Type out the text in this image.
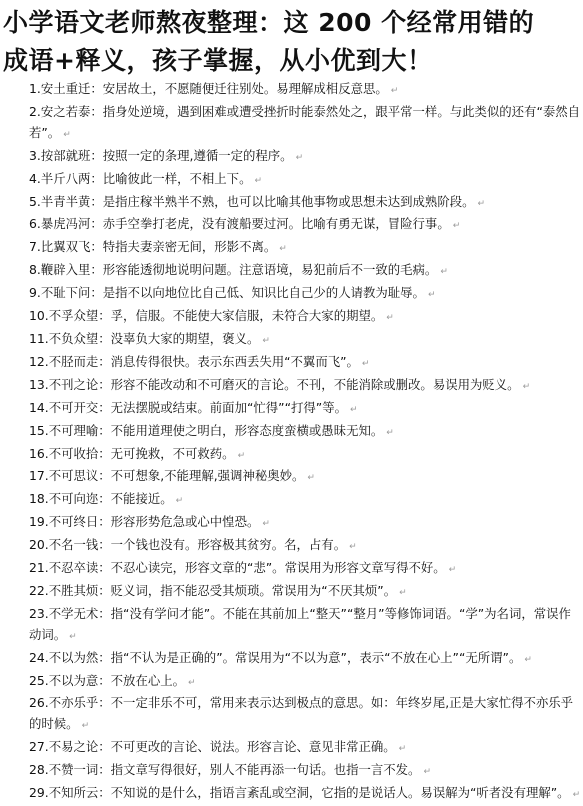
小学语文老师熬夜整理：这 200 个经常用错的
成语+释义，孩子掌握，从小优到大！

1.安土重迁：安居故土，不愿随便迁往别处。易理解成相反意思。 ↵

2.安之若泰：指身处逆境，遇到困难或遭受挫折时能泰然处之，跟平常一样。与此类似的还有“泰然自若”。 ↵

3.按部就班：按照一定的条理,遵循一定的程序。 ↵

4.半斤八两：比喻彼此一样，不相上下。 ↵

5.半青半黄：是指庄稼半熟半不熟，也可以比喻其他事物或思想未达到成熟阶段。 ↵

6.暴虎冯河：赤手空拳打老虎，没有渡船要过河。比喻有勇无谋，冒险行事。 ↵

7.比翼双飞：特指夫妻亲密无间，形影不离。 ↵

8.鞭辟入里：形容能透彻地说明问题。注意语境，易犯前后不一致的毛病。 ↵

9.不耻下问：是指不以向地位比自己低、知识比自己少的人请教为耻辱。 ↵

10.不孚众望：孚，信服。不能使大家信服，未符合大家的期望。 ↵

11.不负众望：没辜负大家的期望，褒义。 ↵

12.不胫而走：消息传得很快。表示东西丢失用“不翼而飞”。 ↵

13.不刊之论：形容不能改动和不可磨灭的言论。不刊，不能消除或删改。易误用为贬义。 ↵

14.不可开交：无法摆脱或结束。前面加“忙得”“打得”等。 ↵

15.不可理喻：不能用道理使之明白，形容态度蛮横或愚昧无知。 ↵

16.不可收拾：无可挽救，不可救药。 ↵

17.不可思议：不可想象,不能理解,强调神秘奥妙。 ↵

18.不可向迩：不能接近。 ↵

19.不可终日：形容形势危急或心中惶恐。 ↵

20.不名一钱：一个钱也没有。形容极其贫穷。名，占有。 ↵

21.不忍卒读：不忍心读完，形容文章的“悲”。常误用为形容文章写得不好。 ↵

22.不胜其烦：贬义词，指不能忍受其烦琐。常误用为“不厌其烦”。 ↵

23.不学无术：指“没有学问才能”。不能在其前加上“整天”“整月”等修饰词语。“学”为名词，常误作动词。 ↵

24.不以为然：指“不认为是正确的”。常误用为“不以为意”，表示“不放在心上”“无所谓”。 ↵

25.不以为意：不放在心上。 ↵

26.不亦乐乎：不一定非乐不可，常用来表示达到极点的意思。如：年终岁尾,正是大家忙得不亦乐乎的时候。 ↵

27.不易之论：不可更改的言论、说法。形容言论、意见非常正确。 ↵

28.不赞一词：指文章写得很好，别人不能再添一句话。也指一言不发。 ↵

29.不知所云：不知说的是什么，指语言紊乱或空洞，它指的是说话人。易误解为“听者没有理解”。 ↵
